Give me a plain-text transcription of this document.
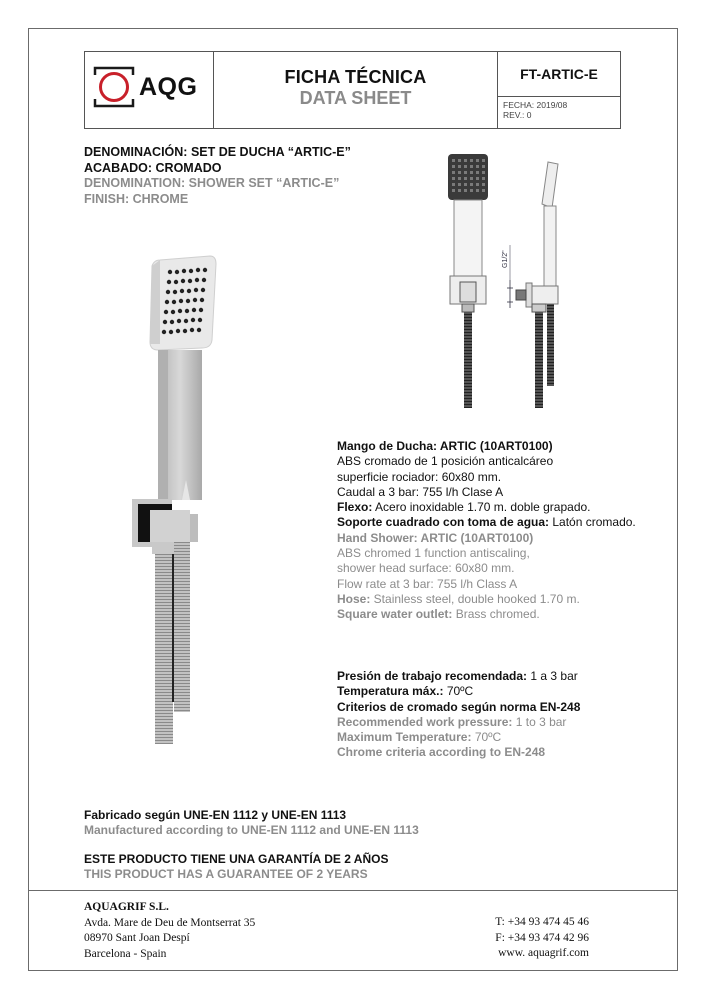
AQG	FICHA TÉCNICA
DATA SHEET
FT-ARTIC-E
FECHA: 2019/08
REV.: 0
DENOMINACIÓN: SET DE DUCHA “ARTIC-E”
ACABADO: CROMADO
DENOMINATION: SHOWER SET “ARTIC-E”
FINISH: CHROME
G1/2"

Mango de Ducha: ARTIC (10ART0100)

ABS cromado de 1 posición anticalcáreo

superficie rociador: 60x80 mm.

Caudal a 3 bar: 755 l/h Clase A

Flexo: Acero inoxidable 1.70 m. doble grapado.

Soporte cuadrado con toma de agua: Latón cromado.

Hand Shower: ARTIC (10ART0100)

ABS chromed 1 function antiscaling,

shower head surface: 60x80 mm.

Flow rate at 3 bar: 755 l/h Class A

Hose: Stainless steel, double hooked 1.70 m.

Square water outlet: Brass chromed.

Presión de trabajo recomendada: 1 a 3 bar

Temperatura máx.: 70ºC

Criterios de cromado según norma EN-248

Recommended work pressure: 1 to 3 bar

Maximum Temperature: 70ºC

Chrome criteria according to EN-248

Fabricado según UNE-EN 1112 y UNE-EN 1113
Manufactured according to UNE-EN 1112 and UNE-EN 1113
ESTE PRODUCTO TIENE UNA GARANTÍA DE 2 AÑOS
THIS PRODUCT HAS A GUARANTEE OF 2 YEARS
AQUAGRIF S.L.
Avda. Mare de Deu de Montserrat 35
08970 Sant Joan Despí
Barcelona - Spain
T: +34 93 474 45 46
F: +34 93 474 42 96
www. aquagrif.com
